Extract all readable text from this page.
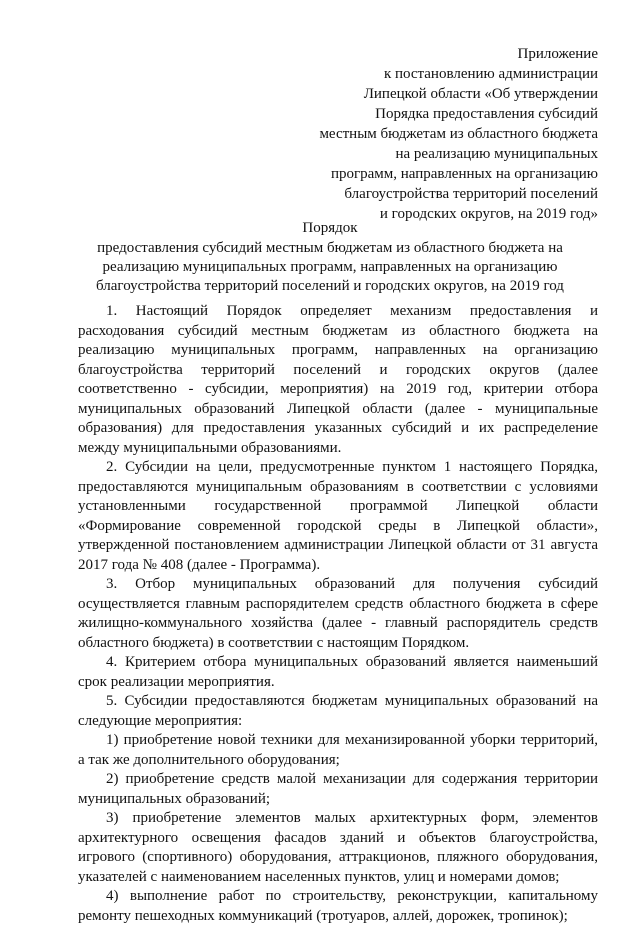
Приложение
к постановлению администрации
Липецкой области «Об утверждении
Порядка предоставления субсидий
местным бюджетам из областного бюджета
на реализацию муниципальных
программ, направленных на организацию
благоустройства территорий поселений
и городских округов, на 2019 год»
Порядок
предоставления субсидий местным бюджетам из областного бюджета на
реализацию муниципальных программ, направленных на организацию
благоустройства территорий поселений и городских округов, на 2019 год

1. Настоящий Порядок определяет механизм предоставления и расходования субсидий местным бюджетам из областного бюджета на реализацию муниципальных программ, направленных на организацию благоустройства территорий поселений и городских округов (далее соответственно - субсидии, мероприятия) на 2019 год, критерии отбора муниципальных образований Липецкой области (далее - муниципальные образования) для предоставления указанных субсидий и их распределение между муниципальными образованиями.

2. Субсидии на цели, предусмотренные пунктом 1 настоящего Порядка, предоставляются муниципальным образованиям в соответствии с условиями установленными государственной программой Липецкой области «Формирование современной городской среды в Липецкой области», утвержденной постановлением администрации Липецкой области от 31 августа 2017 года № 408 (далее - Программа).

3. Отбор муниципальных образований для получения субсидий осуществляется главным распорядителем средств областного бюджета в сфере жилищно-коммунального хозяйства (далее - главный распорядитель средств областного бюджета) в соответствии с настоящим Порядком.

4. Критерием отбора муниципальных образований является наименьший срок реализации мероприятия.

5. Субсидии предоставляются бюджетам муниципальных образований на следующие мероприятия:

1) приобретение новой техники для механизированной уборки территорий, а так же дополнительного оборудования;

2) приобретение средств малой механизации для содержания территории муниципальных образований;

3) приобретение элементов малых архитектурных форм, элементов архитектурного освещения фасадов зданий и объектов благоустройства, игрового (спортивного) оборудования, аттракционов, пляжного оборудования, указателей с наименованием населенных пунктов, улиц и номерами домов;

4) выполнение работ по строительству, реконструкции, капитальному ремонту пешеходных коммуникаций (тротуаров, аллей, дорожек, тропинок);
